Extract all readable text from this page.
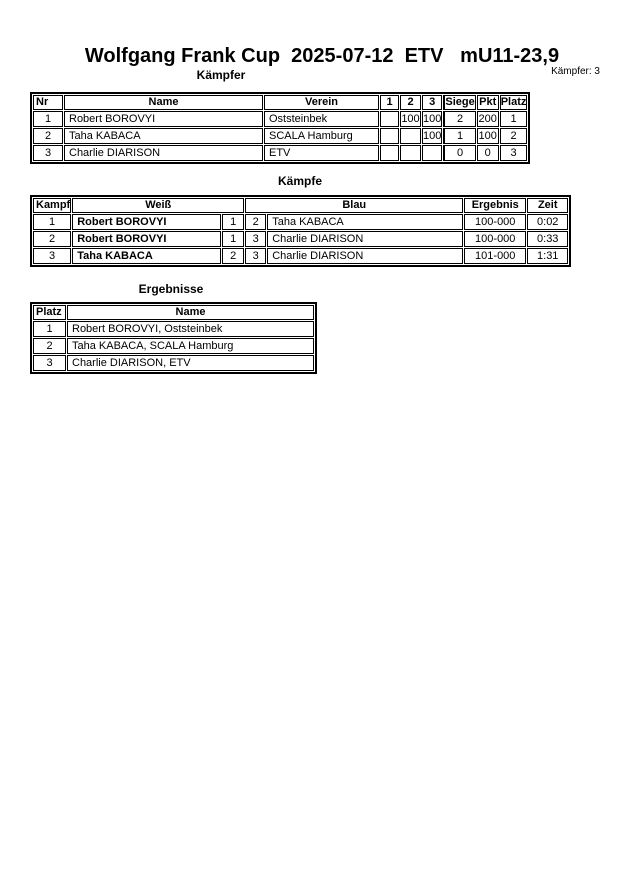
Wolfgang Frank Cup  2025-07-12  ETV   mU11-23,9
Kämpfer: 3
Kämpfer
Nr	Name	Verein	1	2	3	Siege	Pkt	Platz
1	Robert BOROVYI	Oststeinbek		100	100	2	200	1
2	Taha KABACA	SCALA Hamburg			100	1	100	2
3	Charlie DIARISON	ETV				0	0	3
Kämpfe
Kampf	Weiß		Blau		Ergebnis	Zeit
1	Robert BOROVYI	1	2	Taha KABACA	100-000	0:02
2	Robert BOROVYI	1	3	Charlie DIARISON	100-000	0:33
3	Taha KABACA	2	3	Charlie DIARISON	101-000	1:31
Ergebnisse
Platz	Name
1	Robert BOROVYI, Oststeinbek
2	Taha KABACA, SCALA Hamburg
3	Charlie DIARISON, ETV
